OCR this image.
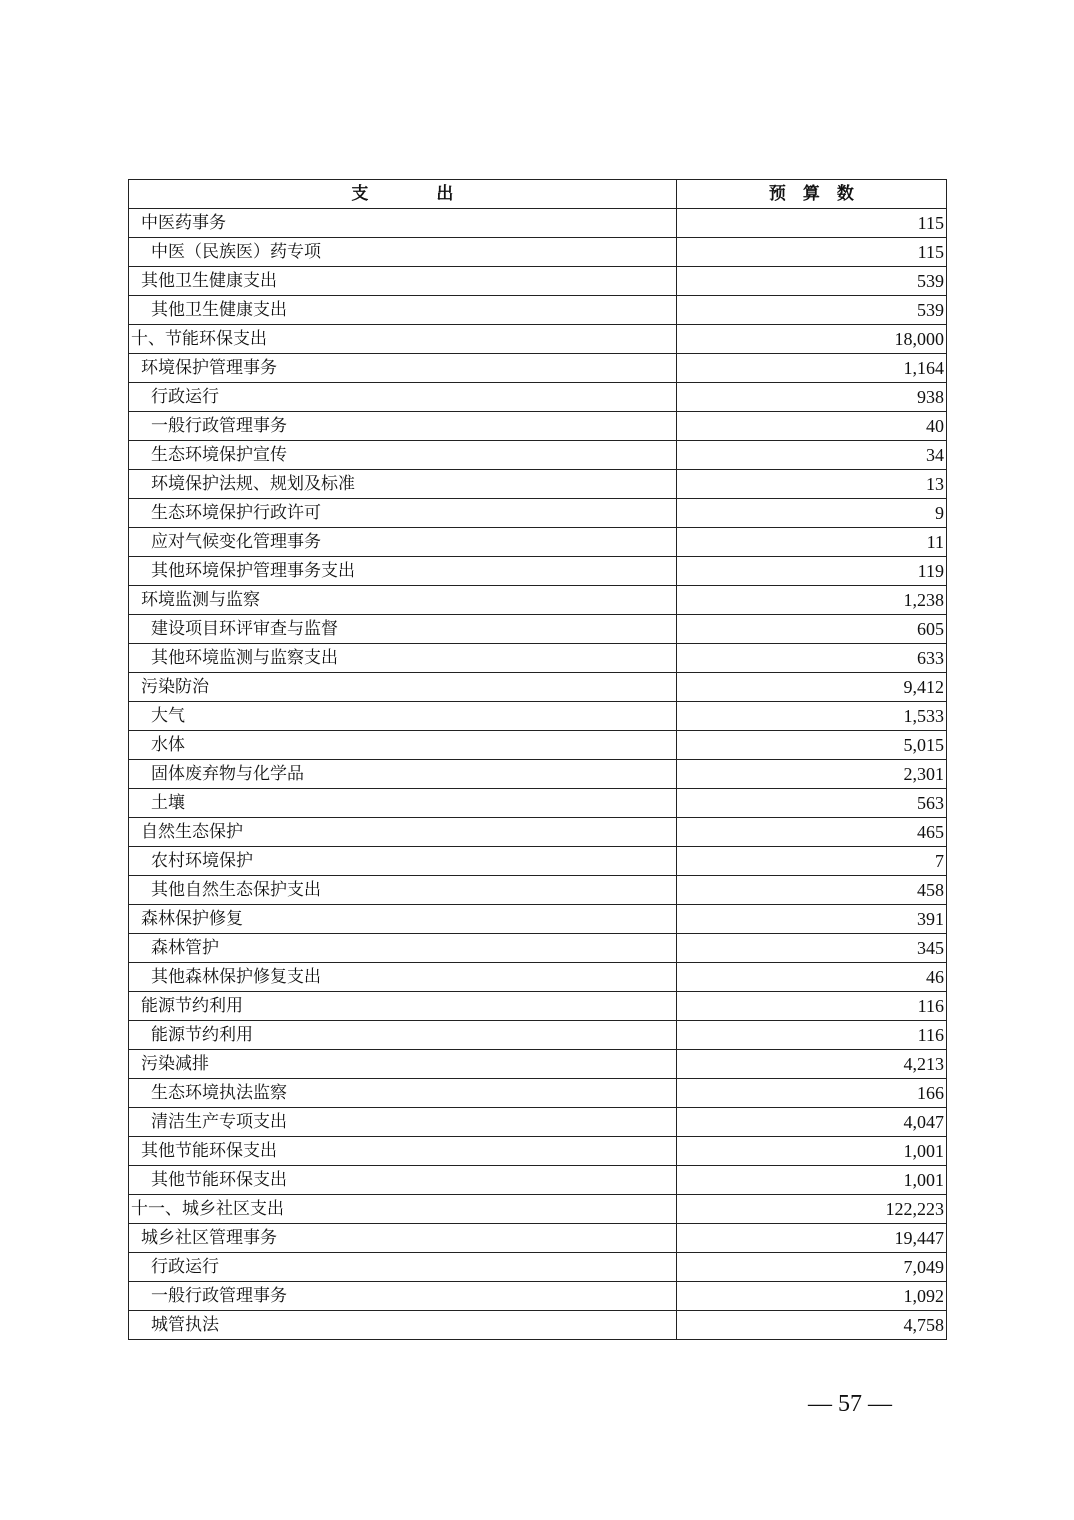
支　　　　出	预　算　数
中医药事务	115
中医（民族医）药专项	115
其他卫生健康支出	539
其他卫生健康支出	539
十、节能环保支出	18,000
环境保护管理事务	1,164
行政运行	938
一般行政管理事务	40
生态环境保护宣传	34
环境保护法规、规划及标准	13
生态环境保护行政许可	9
应对气候变化管理事务	11
其他环境保护管理事务支出	119
环境监测与监察	1,238
建设项目环评审查与监督	605
其他环境监测与监察支出	633
污染防治	9,412
大气	1,533
水体	5,015
固体废弃物与化学品	2,301
土壤	563
自然生态保护	465
农村环境保护	7
其他自然生态保护支出	458
森林保护修复	391
森林管护	345
其他森林保护修复支出	46
能源节约利用	116
能源节约利用	116
污染减排	4,213
生态环境执法监察	166
清洁生产专项支出	4,047
其他节能环保支出	1,001
其他节能环保支出	1,001
十一、城乡社区支出	122,223
城乡社区管理事务	19,447
行政运行	7,049
一般行政管理事务	1,092
城管执法	4,758
— 57 —
